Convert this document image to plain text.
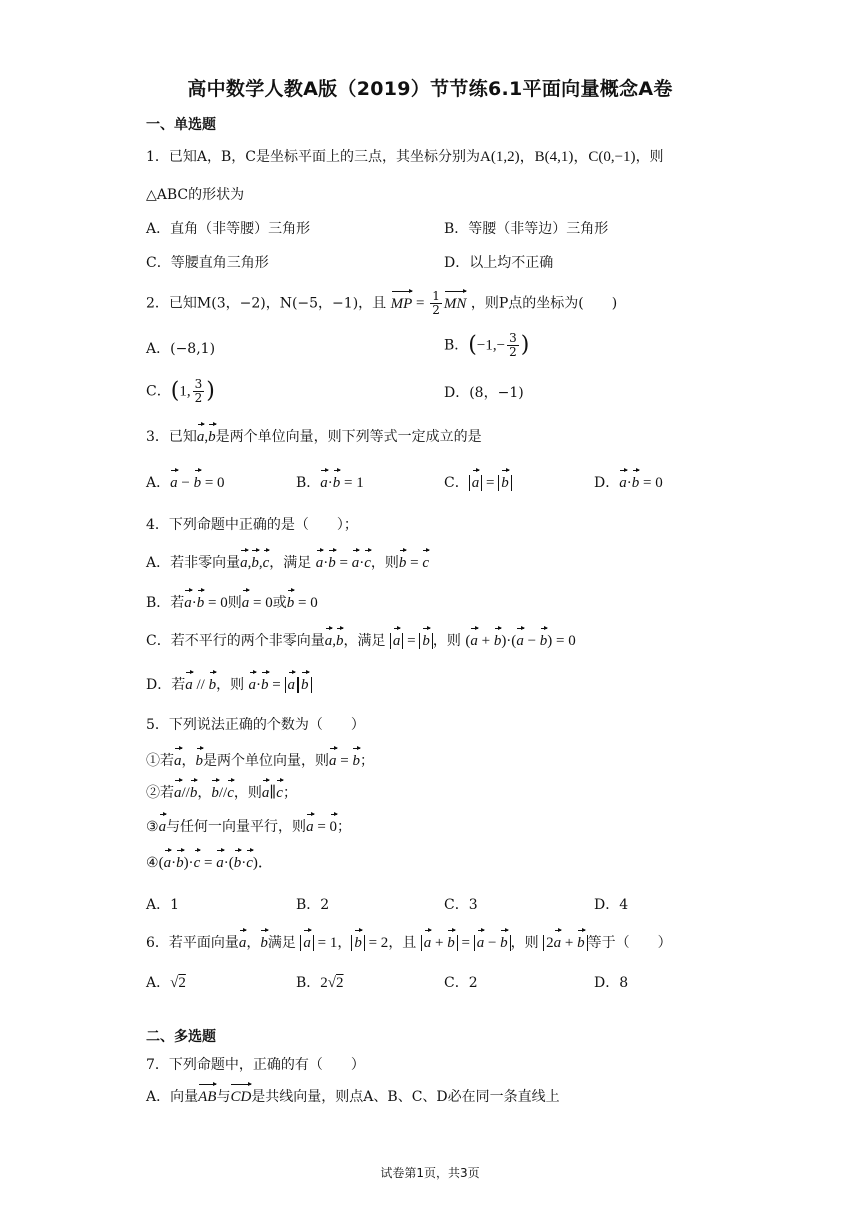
高中数学人教A版（2019）节节练6.1平面向量概念A卷
一、单选题
1．已知A，B，C是坐标平面上的三点，其坐标分别为A(1,2)，B(4,1)，C(0,−1)，则
△ABC的形状为
A．直角（非等腰）三角形	B．等腰（非等边）三角形
C．等腰直角三角形	D．以上均不正确
2．已知M(3，−2)，N(−5，−1)，且 MP = $\frac{1}{2}$ MN ，则P点的坐标为(　　)
A．(−8,1)	B．($-1,- \frac{3}{2}$ )
C．(1, $\frac{3}{2}$ )	D．(8，−1)
3．已知a,b是两个单位向量，则下列等式一定成立的是
A．a − b = 0	B．a·b = 1	C． a = b	D．a·b = 0
4．下列命题中正确的是（　　）；
A．若非零向量a,b,c，满足 a·b = a·c，则b = c
B．若a·b = 0则a = 0或b = 0
C．若不平行的两个非零向量a,b，满足 a = b ，则 (a + b)·(a − b) = 0
D．若a // b，则 a·b = a b
5．下列说法正确的个数为（　　）
①若a，b是两个单位向量，则a = b；
②若a//b，b//c，则a∥c；
③a与任何一向量平行，则a = 0；
④(a·b)·c = a·(b·c)．
A．1	B．2	C．3	D．4
6．若平面向量a，b满足 a = 1， b = 2，且 a + b = a − b ，则 2a + b 等于（　　）
A．√2	B．2√2	C．2	D．8
二、多选题
7．下列命题中，正确的有（　　）
A．向量AB与CD是共线向量，则点A、B、C、D必在同一条直线上
试卷第1页，共3页
